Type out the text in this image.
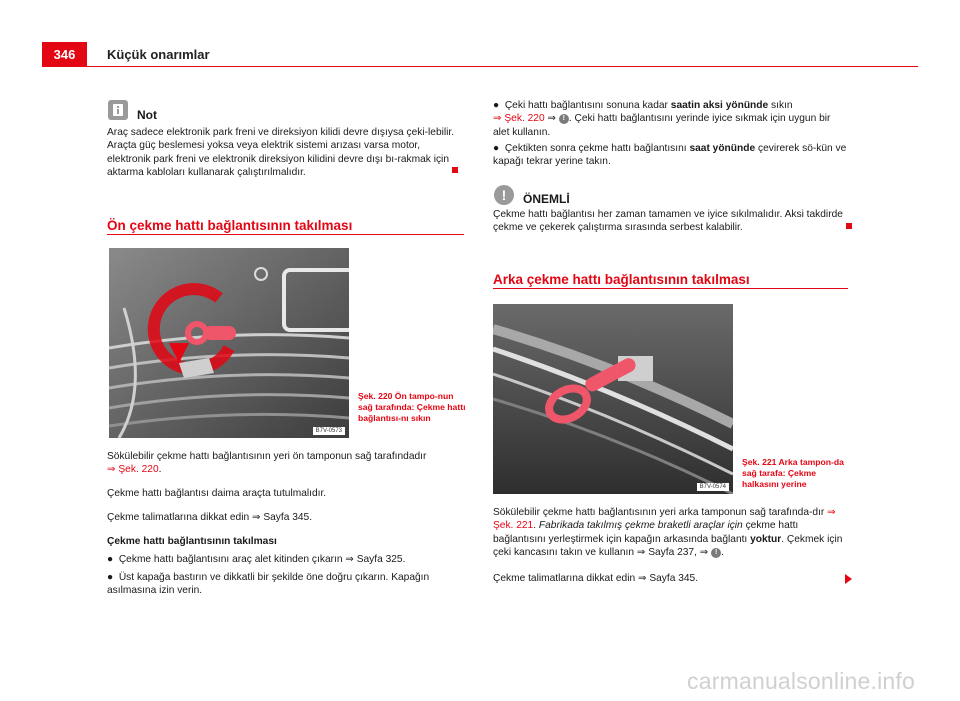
346	Küçük onarımlar
Not
Araç sadece elektronik park freni ve direksiyon kilidi devre dışıysa çeki-lebilir. Araçta güç beslemesi yoksa veya elektrik sistemi arızası varsa motor, elektronik park freni ve elektronik direksiyon kilidini devre dışı bı-rakmak için aktarma kabloları kullanarak çalıştırılmalıdır.
Ön çekme hattı bağlantısının takılması
B7V-0573
Şek. 220 Ön tampo-nun sağ tarafında: Çekme hattı bağlantısı-nı sıkın
Sökülebilir çekme hattı bağlantısının yeri ön tamponun sağ tarafındadır
⇒ Şek. 220.
Çekme hattı bağlantısı daima araçta tutulmalıdır.
Çekme talimatlarına dikkat edin ⇒ Sayfa 345.
Çekme hattı bağlantısının takılması
● Çekme hattı bağlantısını araç alet kitinden çıkarın ⇒ Sayfa 325.
● Üst kapağa bastırın ve dikkatli bir şekilde öne doğru çıkarın. Kapağın asılmasına izin verin.
● Çeki hattı bağlantısını sonuna kadar saatin aksi yönünde sıkın
⇒ Şek. 220 ⇒ ! . Çeki hattı bağlantısını yerinde iyice sıkmak için uygun bir alet kullanın.
● Çektikten sonra çekme hattı bağlantısını saat yönünde çevirerek sö-kün ve kapağı tekrar yerine takın.
!	ÖNEMLİ
Çekme hattı bağlantısı her zaman tamamen ve iyice sıkılmalıdır. Aksi takdirde çekme ve çekerek çalıştırma sırasında serbest kalabilir.
Arka çekme hattı bağlantısının takılması
B7V-0574
Şek. 221 Arka tampon-da sağ tarafa: Çekme halkasını yerine
Sökülebilir çekme hattı bağlantısının yeri arka tamponun sağ tarafında-dır ⇒ Şek. 221. Fabrikada takılmış çekme braketli araçlar için çekme hattı bağlantısını yerleştirmek için kapağın arkasında bağlantı yoktur. Çekmek için çeki kancasını takın ve kullanın ⇒ Sayfa 237, ⇒ ! .
Çekme talimatlarına dikkat edin ⇒ Sayfa 345.
carmanualsonline.info
